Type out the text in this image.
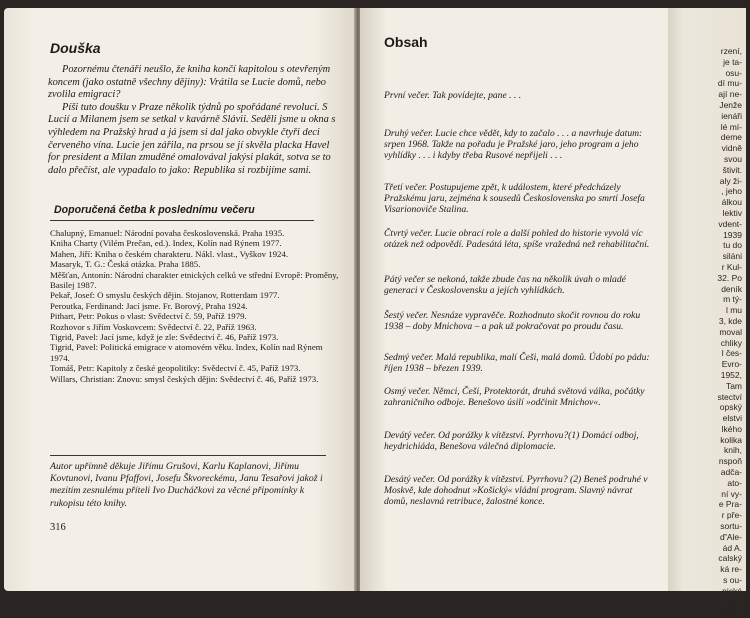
Douška

Pozornému čtenáři neušlo, že kniha končí kapitolou s otevřeným koncem (jako ostatně všechny dějiny): Vrátila se Lucie domů, nebo zvolila emigraci?

Píši tuto doušku v Praze několik týdnů po spořádané revoluci. S Lucií a Milanem jsem se setkal v kavárně Slávii. Seděli jsme u okna s výhledem na Pražský hrad a já jsem si dal jako obvykle čtyři deci červeného vína. Lucie jen zářila, na prsou se jí skvěla plackа Havel for president a Milan zmuděné omalovával jakýsi plakát, sotva se to dalo přečíst, ale vypadalo to jako: Republika si rozbijíme sami.

Doporučená četba k poslednímu večeru
Chalupný, Emanuel: Národní povaha československá. Praha 1935.
Kniha Charty (Vilém Prečan, ed.). Index, Kolín nad Rýnem 1977.
Mahen, Jiří: Kniha o českém charakteru. Nákl. vlast., Vyškov 1924.
Masaryk, T. G.: Česká otázka. Praha 1885.
Měšťan, Antonín: Národní charakter etnických celků ve střední Evropě: Proměny, Basilej 1987.
Pekař, Josef: O smyslu českých dějin. Stojanov, Rotterdam 1977.
Peroutka, Ferdinand: Jací jsme. Fr. Borový, Praha 1924.
Pithart, Petr: Pokus o vlast: Svědectví č. 59, Paříž 1979.
Rozhovor s Jiřím Voskovcem: Svědectví č. 22, Paříž 1963.
Tigrid, Pavel: Jací jsme, když je zle: Svědectví č. 46, Paříž 1973.
Tigrid, Pavel: Politická emigrace v atomovém věku. Index, Kolín nad Rýnem 1974.
Tomáš, Petr: Kapitoly z české geopolitiky: Svědectví č. 45, Paříž 1973.
Willars, Christian: Znovu: smysl českých dějin: Svědectví č. 46, Paříž 1973.

Autor upřímně děkuje Jiřímu Grušovi, Karlu Kaplanovi, Jiřímu Kovtunovi, Ivanu Pfaffovi, Josefu Škvoreckému, Janu Tesařovi jakož i mezitím zesnulému příteli Ivo Ducháčkovi za věcné připomínky k rukopisu této knihy.

316

Obsah
První večer. Tak povídejte, pane . . .
Druhý večer. Lucie chce vědět, kdy to začalo . . . a navrhuje datum: srpen 1968. Takže na pořadu je Pražské jaro, jeho program a jeho vyhlídky . . . i kdyby třeba Rusové nepřijeli . . .
Třetí večer. Postupujeme zpět, k událostem, které předcházely Pražskému jaru, zejména k sousedů Československa po smrti Josefa Visarionoviče Stalina.
Čtvrtý večer. Lucie obrací role a další pohled do historie vyvolá víc otázek než odpovědí. Padesátá léta, spíše vražedná než rehabilitační.
Pátý večer se nekoná, takže zbude čas na několik úvah o mladé generaci v Československu a jejích vyhlídkách.
Šestý večer. Nesnáze vypravěče. Rozhodnuto skočit rovnou do roku 1938 – doby Mnichova – a pak už pokračovat po proudu času.
Sedmý večer. Malá republika, malí Češi, malá domů. Údobí po pádu: říjen 1938 – březen 1939.
Osmý večer. Němci, Češi, Protektorát, druhá světová válka, počátky zahraničního odboje. Benešovo úsilí »odčinit Mnichov«.
Devátý večer. Od porážky k vítězství. Pyrrhovu?(1) Domácí odboj, heydrichiáda, Benešova válečná diplomacie.
Desátý večer. Od porážky k vítězství. Pyrrhovu? (2) Beneš podruhé v Moskvě, kde dohodnut »Košický« vládní program. Slavný návrat domů, neslavná retribuce, žalostné konce.
rzení,
je ta-
osu-
dí mu-
ají ne-
Jenže
ienáři
lé mí-
deme
vidně
svou
štivit.
aly ži-
, jeho
álkou
lektiv
vdent-
1939
tu do
siláni
r Kul-
32. Po
deník
m tý-
l mu
3, kde
moval
chliky
l čes-
Evro-
1952,
Tam
stectví
opský
elstvi
lkého
kolika
knih,
nspoň
adča-
ato-
ní vy-
e Pra-
r pře-
sortu-
ď'Ale-
ád A.
calský
ká re-
s ou-
nické
imec-
988).
